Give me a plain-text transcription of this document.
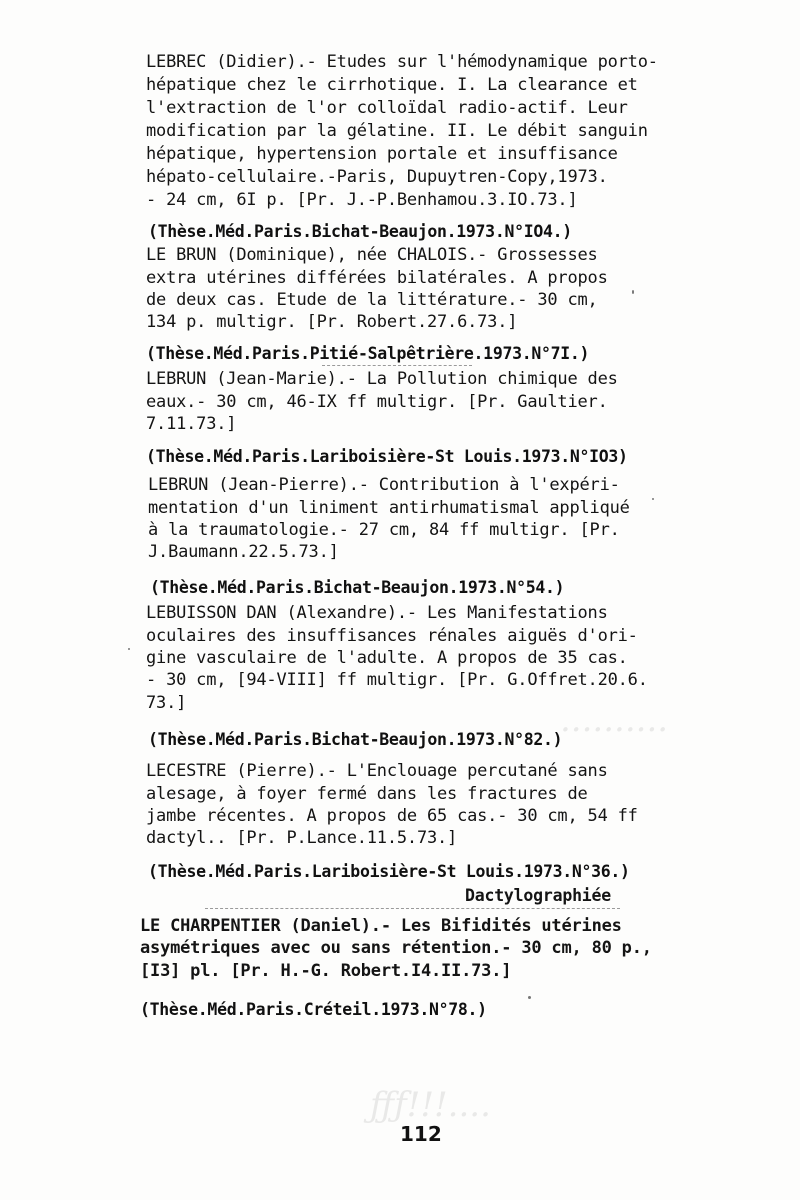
..........
ƒƒƒ!!!....
LEBREC (Didier).- Etudes sur l'hémodynamique porto-
hépatique chez le cirrhotique. I. La clearance et
l'extraction de l'or colloïdal radio-actif. Leur
modification par la gélatine. II. Le débit sanguin
hépatique, hypertension portale et insuffisance
hépato-cellulaire.-Paris, Dupuytren-Copy,1973.
- 24 cm, 6I p. [Pr. J.-P.Benhamou.3.IO.73.]
(Thèse.Méd.Paris.Bichat-Beaujon.1973.N°IO4.)
LE BRUN (Dominique), née CHALOIS.- Grossesses
extra utérines différées bilatérales. A propos
de deux cas. Etude de la littérature.- 30 cm,
134 p. multigr. [Pr. Robert.27.6.73.]
(Thèse.Méd.Paris.Pitié-Salpêtrière.1973.N°7I.)
LEBRUN (Jean-Marie).- La Pollution chimique des
eaux.- 30 cm, 46-IX ff multigr. [Pr. Gaultier.
7.11.73.]
(Thèse.Méd.Paris.Lariboisière-St Louis.1973.N°IO3)
LEBRUN (Jean-Pierre).- Contribution à l'expéri-
mentation d'un liniment antirhumatismal appliqué
à la traumatologie.- 27 cm, 84 ff multigr. [Pr.
J.Baumann.22.5.73.]
(Thèse.Méd.Paris.Bichat-Beaujon.1973.N°54.)
LEBUISSON DAN (Alexandre).- Les Manifestations
oculaires des insuffisances rénales aiguës d'ori-
gine vasculaire de l'adulte. A propos de 35 cas.
- 30 cm, [94-VIII] ff multigr. [Pr. G.Offret.20.6.
73.]
(Thèse.Méd.Paris.Bichat-Beaujon.1973.N°82.)
LECESTRE (Pierre).- L'Enclouage percutané sans
alesage, à foyer fermé dans les fractures de
jambe récentes. A propos de 65 cas.- 30 cm, 54 ff
dactyl.. [Pr. P.Lance.11.5.73.]
(Thèse.Méd.Paris.Lariboisière-St Louis.1973.N°36.)
Dactylographiée
LE CHARPENTIER (Daniel).- Les Bifidités utérines
asymétriques avec ou sans rétention.- 30 cm, 80 p.,
[I3] pl. [Pr. H.-G. Robert.I4.II.73.]
(Thèse.Méd.Paris.Créteil.1973.N°78.)
112
